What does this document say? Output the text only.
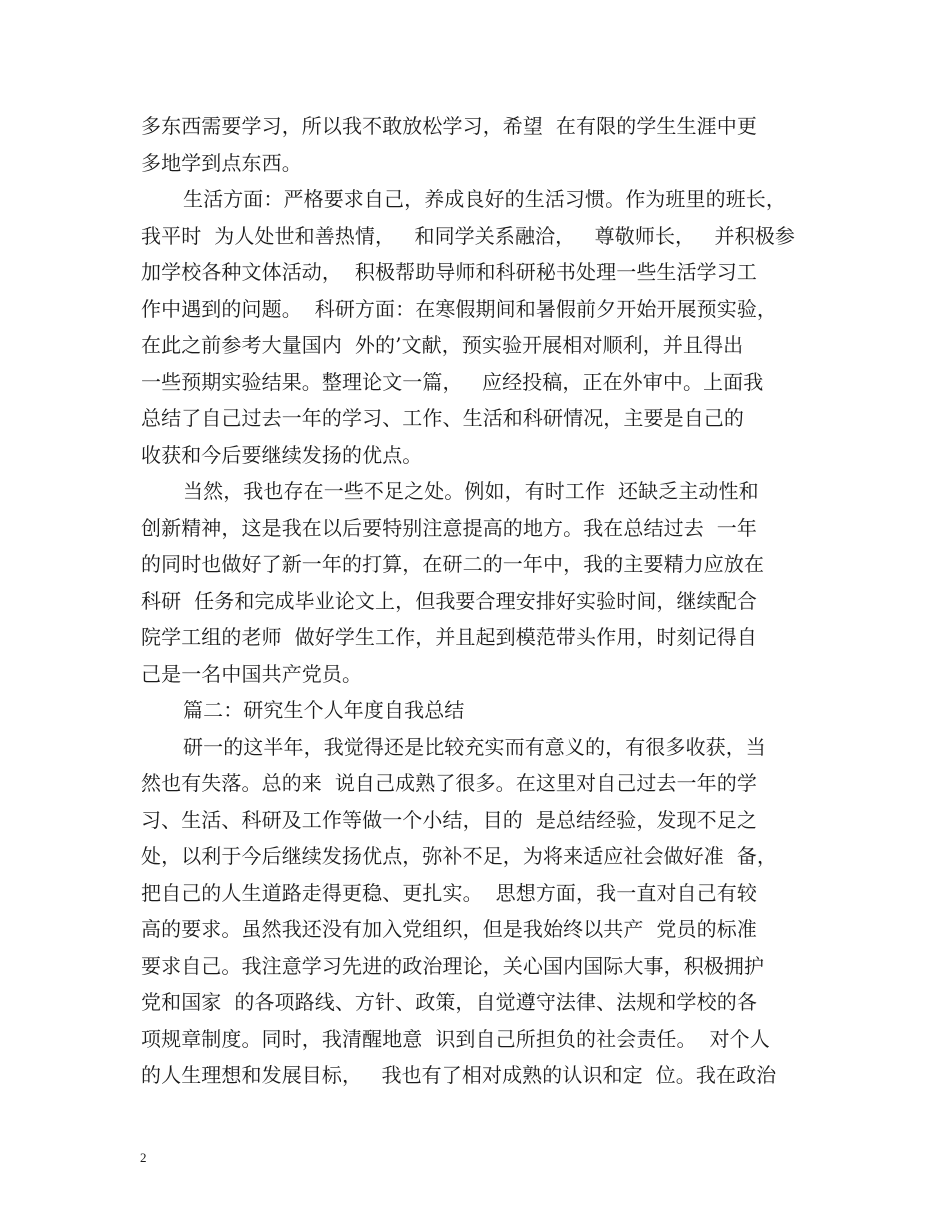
多东西需要学习，所以我不敢放松学习，希望  在有限的学生生涯中更
多地学到点东西。
生活方面：严格要求自己，养成良好的生活习惯。作为班里的班长，
我平时  为人处世和善热情，   和同学关系融洽，   尊敬师长，   并积极参
加学校各种文体活动，  积极帮助导师和科研秘书处理一些生活学习工
作中遇到的问题。  科研方面：在寒假期间和暑假前夕开始开展预实验，
在此之前参考大量国内  外的’文献，预实验开展相对顺利，并且得出
一些预期实验结果。整理论文一篇，   应经投稿，正在外审中。上面我
总结了自己过去一年的学习、工作、生活和科研情况，主要是自己的
收获和今后要继续发扬的优点。
当然，我也存在一些不足之处。例如，有时工作  还缺乏主动性和
创新精神，这是我在以后要特别注意提高的地方。我在总结过去  一年
的同时也做好了新一年的打算，在研二的一年中，我的主要精力应放在
科研  任务和完成毕业论文上，但我要合理安排好实验时间，继续配合
院学工组的老师  做好学生工作，并且起到模范带头作用，时刻记得自
己是一名中国共产党员。
篇二：研究生个人年度自我总结
研一的这半年，我觉得还是比较充实而有意义的，有很多收获，当
然也有失落。总的来  说自己成熟了很多。在这里对自己过去一年的学
习、生活、科研及工作等做一个小结，目的  是总结经验，发现不足之
处，以利于今后继续发扬优点，弥补不足，为将来适应社会做好准  备，
把自己的人生道路走得更稳、更扎实。  思想方面，我一直对自己有较
高的要求。虽然我还没有加入党组织，但是我始终以共产  党员的标准
要求自己。我注意学习先进的政治理论，关心国内国际大事，积极拥护
党和国家  的各项路线、方针、政策，自觉遵守法律、法规和学校的各
项规章制度。同时，我清醒地意  识到自己所担负的社会责任。  对个人
的人生理想和发展目标，   我也有了相对成熟的认识和定  位。我在政治
2
